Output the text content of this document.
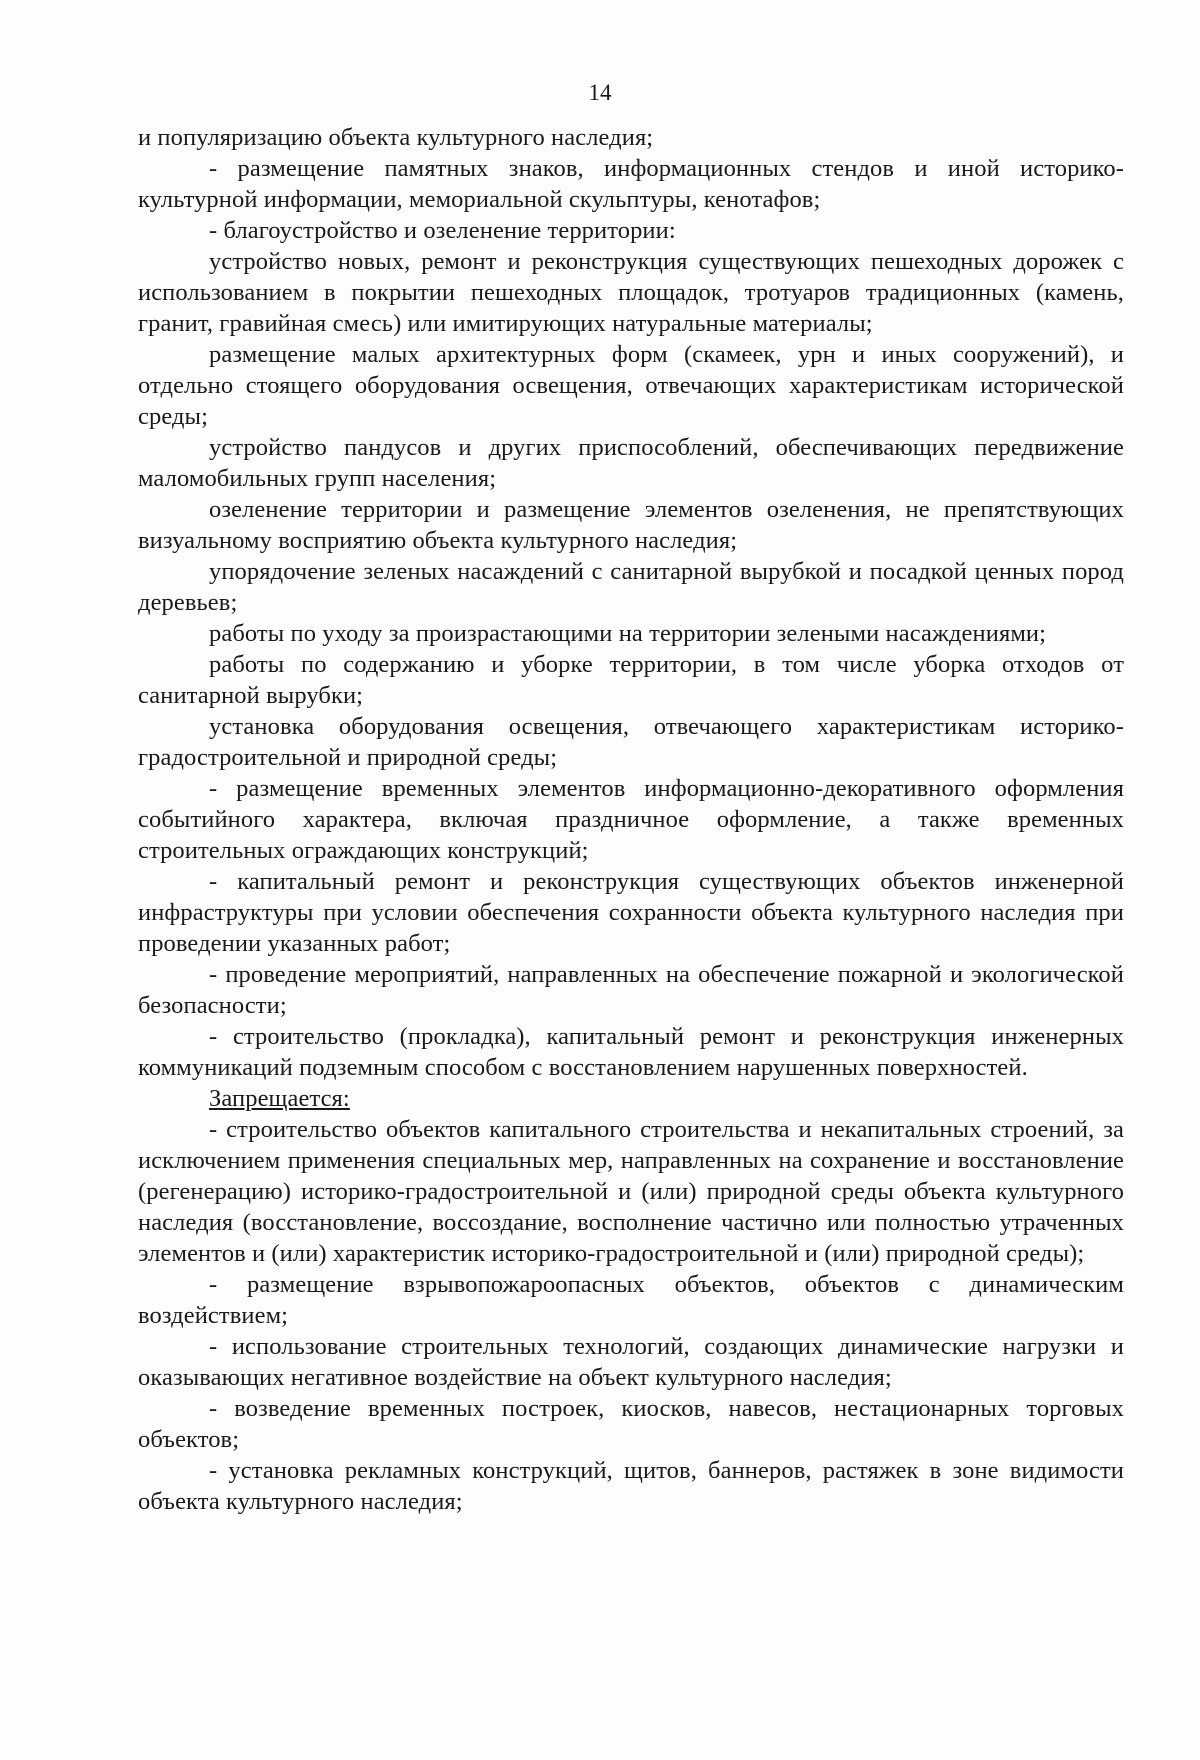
14

и популяризацию объекта культурного наследия;

- размещение памятных знаков, информационных стендов и иной историко-культурной информации, мемориальной скульптуры, кенотафов;

- благоустройство и озеленение территории:

устройство новых, ремонт и реконструкция существующих пешеходных дорожек с использованием в покрытии пешеходных площадок, тротуаров традиционных (камень, гранит, гравийная смесь) или имитирующих натуральные материалы;

размещение малых архитектурных форм (скамеек, урн и иных сооружений), и отдельно стоящего оборудования освещения, отвечающих характеристикам исторической среды;

устройство пандусов и других приспособлений, обеспечивающих передвижение маломобильных групп населения;

озеленение территории и размещение элементов озеленения, не препятствующих визуальному восприятию объекта культурного наследия;

упорядочение зеленых насаждений с санитарной вырубкой и посадкой ценных пород деревьев;

работы по уходу за произрастающими на территории зелеными насаждениями;

работы по содержанию и уборке территории, в том числе уборка отходов от санитарной вырубки;

установка оборудования освещения, отвечающего характеристикам историко-градостроительной и природной среды;

- размещение временных элементов информационно-декоративного оформления событийного характера, включая праздничное оформление, а также временных строительных ограждающих конструкций;

- капитальный ремонт и реконструкция существующих объектов инженерной инфраструктуры при условии обеспечения сохранности объекта культурного наследия при проведении указанных работ;

- проведение мероприятий, направленных на обеспечение пожарной и экологической безопасности;

- строительство (прокладка), капитальный ремонт и реконструкция инженерных коммуникаций подземным способом с восстановлением нарушенных поверхностей.

Запрещается:

- строительство объектов капитального строительства и некапитальных строений, за исключением применения специальных мер, направленных на сохранение и восстановление (регенерацию) историко-градостроительной и (или) природной среды объекта культурного наследия (восстановление, воссоздание, восполнение частично или полностью утраченных элементов и (или) характеристик историко-градостроительной и (или) природной среды);

- размещение взрывопожароопасных объектов, объектов с динамическим воздействием;

- использование строительных технологий, создающих динамические нагрузки и оказывающих негативное воздействие на объект культурного наследия;

- возведение временных построек, киосков, навесов, нестационарных торговых объектов;

- установка рекламных конструкций, щитов, баннеров, растяжек в зоне видимости объекта культурного наследия;
